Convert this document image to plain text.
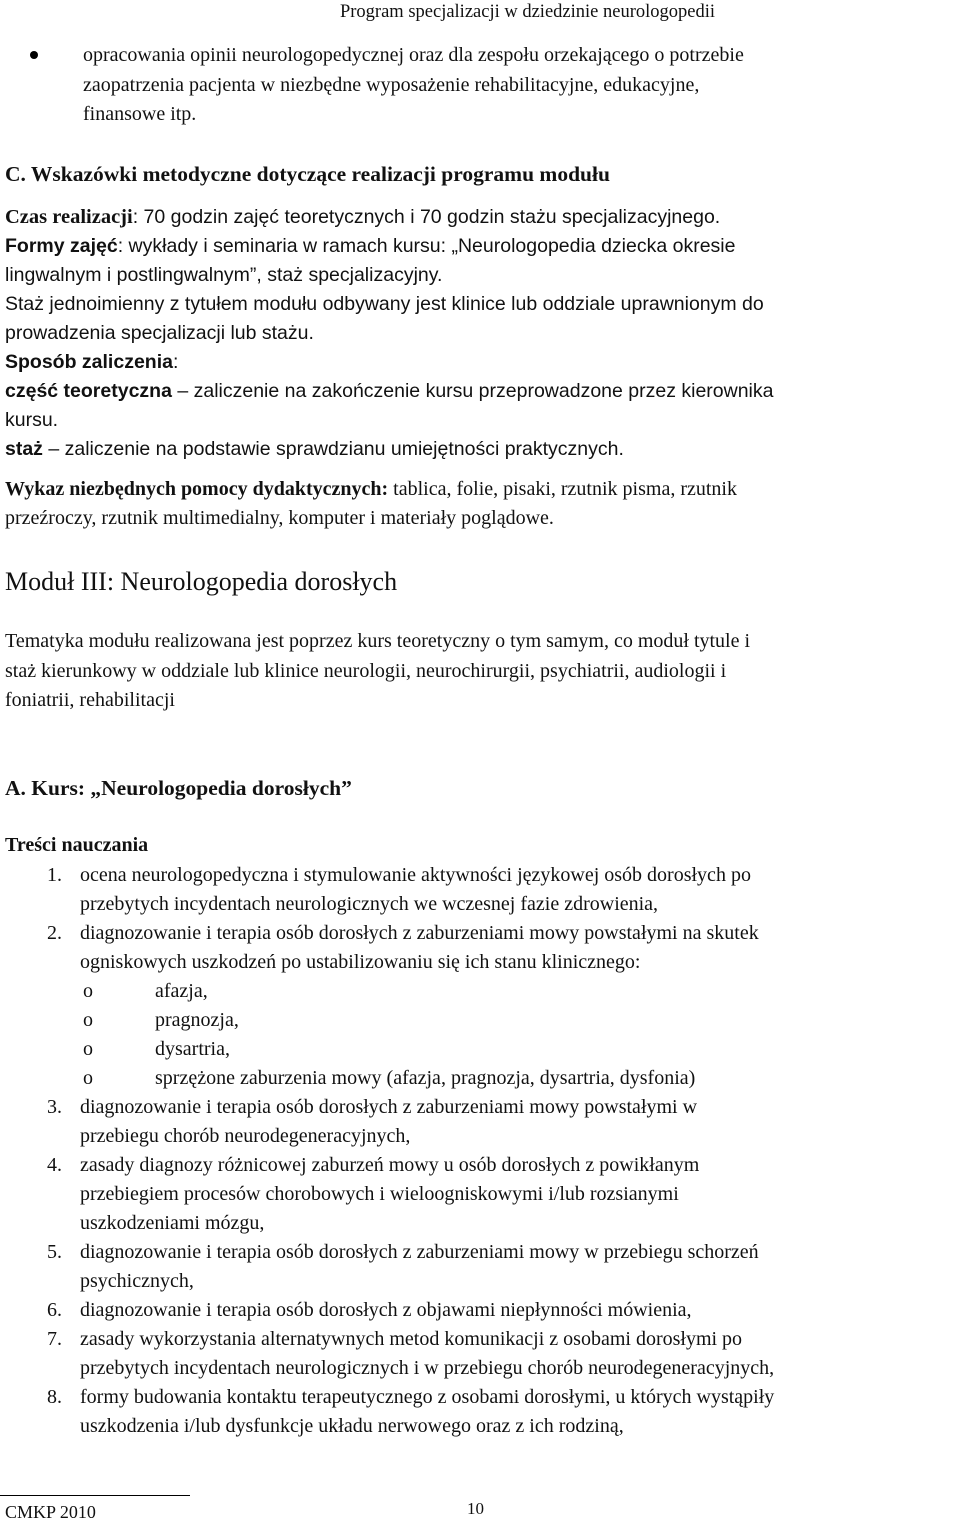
Program specjalizacji w dziedzinie neurologopedii
opracowania opinii neurologopedycznej oraz dla zespołu orzekającego o potrzebie
zaopatrzenia pacjenta w niezbędne wyposażenie rehabilitacyjne, edukacyjne,
finansowe itp.
C. Wskazówki metodyczne dotyczące realizacji programu modułu
Czas realizacji: 70 godzin zajęć teoretycznych i 70 godzin stażu specjalizacyjnego.
Formy zajęć: wykłady i seminaria w ramach kursu: „Neurologopedia dziecka okresie
lingwalnym i postlingwalnym”, staż specjalizacyjny.
Staż jednoimienny z tytułem modułu odbywany jest klinice lub oddziale uprawnionym do
prowadzenia specjalizacji lub stażu.
Sposób zaliczenia:
część teoretyczna – zaliczenie na zakończenie kursu przeprowadzone przez kierownika
kursu.
staż – zaliczenie na podstawie sprawdzianu umiejętności praktycznych.
Wykaz niezbędnych pomocy dydaktycznych: tablica, folie, pisaki, rzutnik pisma, rzutnik
przeźroczy, rzutnik multimedialny, komputer i materiały poglądowe.
Moduł III: Neurologopedia dorosłych
Tematyka modułu realizowana jest poprzez kurs teoretyczny o tym samym, co moduł tytule i
staż kierunkowy w oddziale lub klinice neurologii, neurochirurgii, psychiatrii, audiologii i
foniatrii, rehabilitacji
A. Kurs: „Neurologopedia dorosłych”
Treści nauczania
1. ocena neurologopedyczna i stymulowanie aktywności językowej osób dorosłych po
przebytych incydentach neurologicznych we wczesnej fazie zdrowienia,
2. diagnozowanie i terapia osób dorosłych z zaburzeniami mowy powstałymi na skutek
ogniskowych uszkodzeń po ustabilizowaniu się ich stanu klinicznego:
o	afazja,
o	pragnozja,
o	dysartria,
o	sprzężone zaburzenia mowy (afazja, pragnozja, dysartria, dysfonia)
3. diagnozowanie i terapia osób dorosłych z zaburzeniami mowy powstałymi w
przebiegu chorób neurodegeneracyjnych,
4. zasady diagnozy różnicowej zaburzeń mowy u osób dorosłych z powikłanym
przebiegiem procesów chorobowych i wieloogniskowymi i/lub rozsianymi
uszkodzeniami mózgu,
5. diagnozowanie i terapia osób dorosłych z zaburzeniami mowy w przebiegu schorzeń
psychicznych,
6. diagnozowanie i terapia osób dorosłych z objawami niepłynności mówienia,
7. zasady wykorzystania alternatywnych metod komunikacji z osobami dorosłymi po
przebytych incydentach neurologicznych i w przebiegu chorób neurodegeneracyjnych,
8. formy budowania kontaktu terapeutycznego z osobami dorosłymi, u których wystąpiły
uszkodzenia i/lub dysfunkcje układu nerwowego oraz z ich rodziną,
CMKP 2010	10
